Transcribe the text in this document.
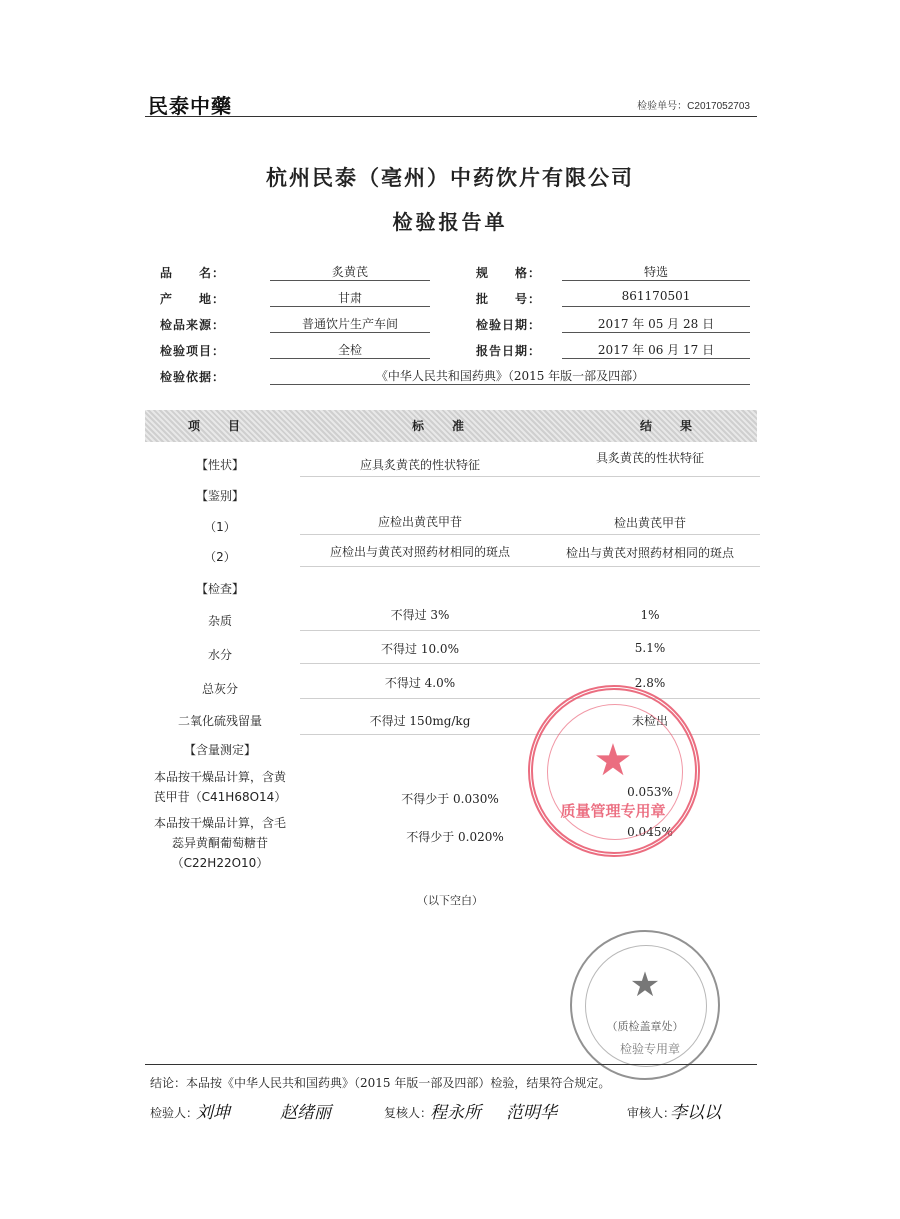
民泰中藥	检验单号：C2017052703
杭州民泰（亳州）中药饮片有限公司
检验报告单
品　　名：	炙黄芪	规　　格：	特选
产　　地：	甘肃	批　　号：	861170501
检品来源：	普通饮片生产车间	检验日期：	2017 年 05 月 28 日
检验项目：	全检	报告日期：	2017 年 06 月 17 日
检验依据：	《中华人民共和国药典》（2015 年版一部及四部）
项　目	标　准	结　果
【性状】	应具炙黄芪的性状特征	具炙黄芪的性状特征
【鉴别】
（1）	应检出黄芪甲苷	检出黄芪甲苷
（2）	应检出与黄芪对照药材相同的斑点	检出与黄芪对照药材相同的斑点
【检查】
杂质	不得过 3%	1%
水分	不得过 10.0%	5.1%
总灰分	不得过 4.0%	2.8%
二氧化硫残留量	不得过 150mg/kg	未检出
【含量测定】
本品按干燥品计算，含黄
芪甲苷（C41H68O14）	不得少于 0.030%	0.053%
本品按干燥品计算，含毛
蕊异黄酮葡萄糖苷
（C22H22O10）
不得少于 0.020%	0.045%
（以下空白）
★
质量管理专用章
★
（质检盖章处）
检验专用章
结论：本品按《中华人民共和国药典》（2015 年版一部及四部）检验，结果符合规定。
检验人：
刘坤	赵绪丽	复核人：
程永所 范明华	审核人：
李以以
